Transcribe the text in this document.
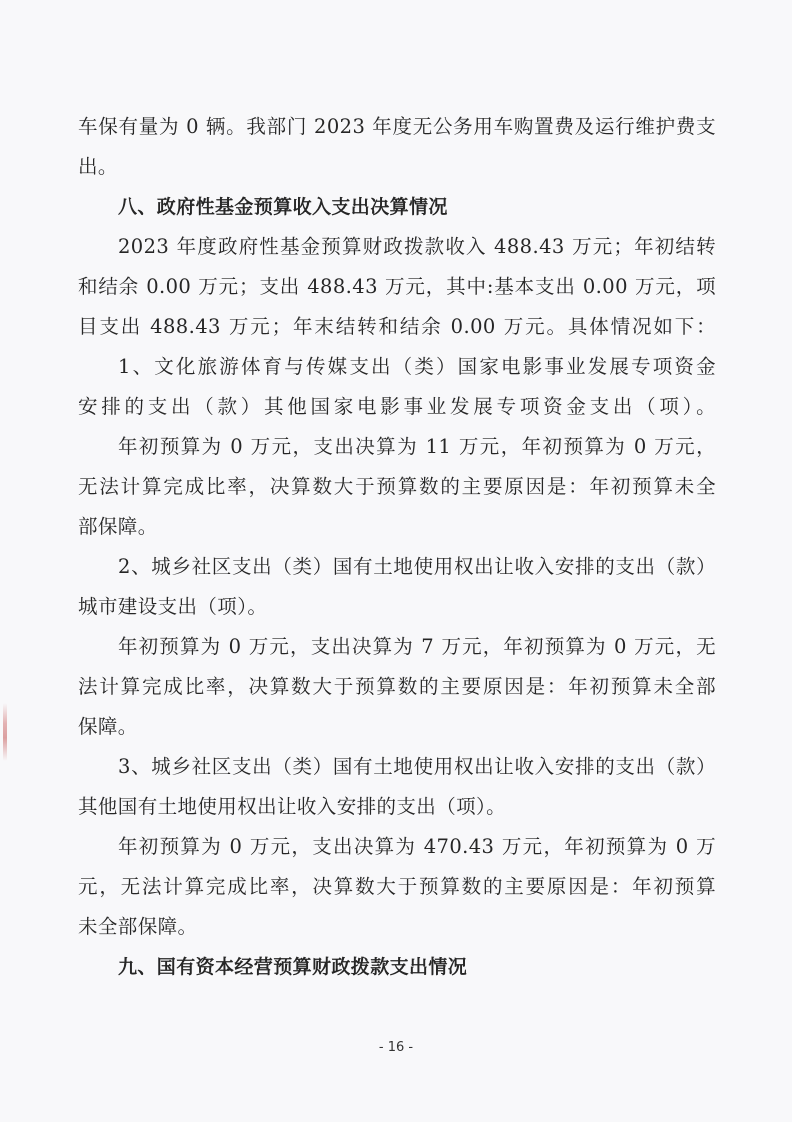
车保有量为 0 辆。我部门 2023 年度无公务用车购置费及运行维护费支
出。
八、政府性基金预算收入支出决算情况
2023 年度政府性基金预算财政拨款收入 488.43 万元；年初结转
和结余 0.00 万元；支出 488.43 万元，其中:基本支出 0.00 万元，项
目支出 488.43 万元；年末结转和结余 0.00 万元。具体情况如下：
1、文化旅游体育与传媒支出（类）国家电影事业发展专项资金
安排的支出（款）其他国家电影事业发展专项资金支出（项）。
年初预算为 0 万元，支出决算为 11 万元，年初预算为 0 万元，
无法计算完成比率，决算数大于预算数的主要原因是：年初预算未全
部保障。
2、城乡社区支出（类）国有土地使用权出让收入安排的支出（款）
城市建设支出（项）。
年初预算为 0 万元，支出决算为 7 万元，年初预算为 0 万元，无
法计算完成比率，决算数大于预算数的主要原因是：年初预算未全部
保障。
3、城乡社区支出（类）国有土地使用权出让收入安排的支出（款）
其他国有土地使用权出让收入安排的支出（项）。
年初预算为 0 万元，支出决算为 470.43 万元，年初预算为 0 万
元，无法计算完成比率，决算数大于预算数的主要原因是：年初预算
未全部保障。
九、国有资本经营预算财政拨款支出情况
- 16 -
